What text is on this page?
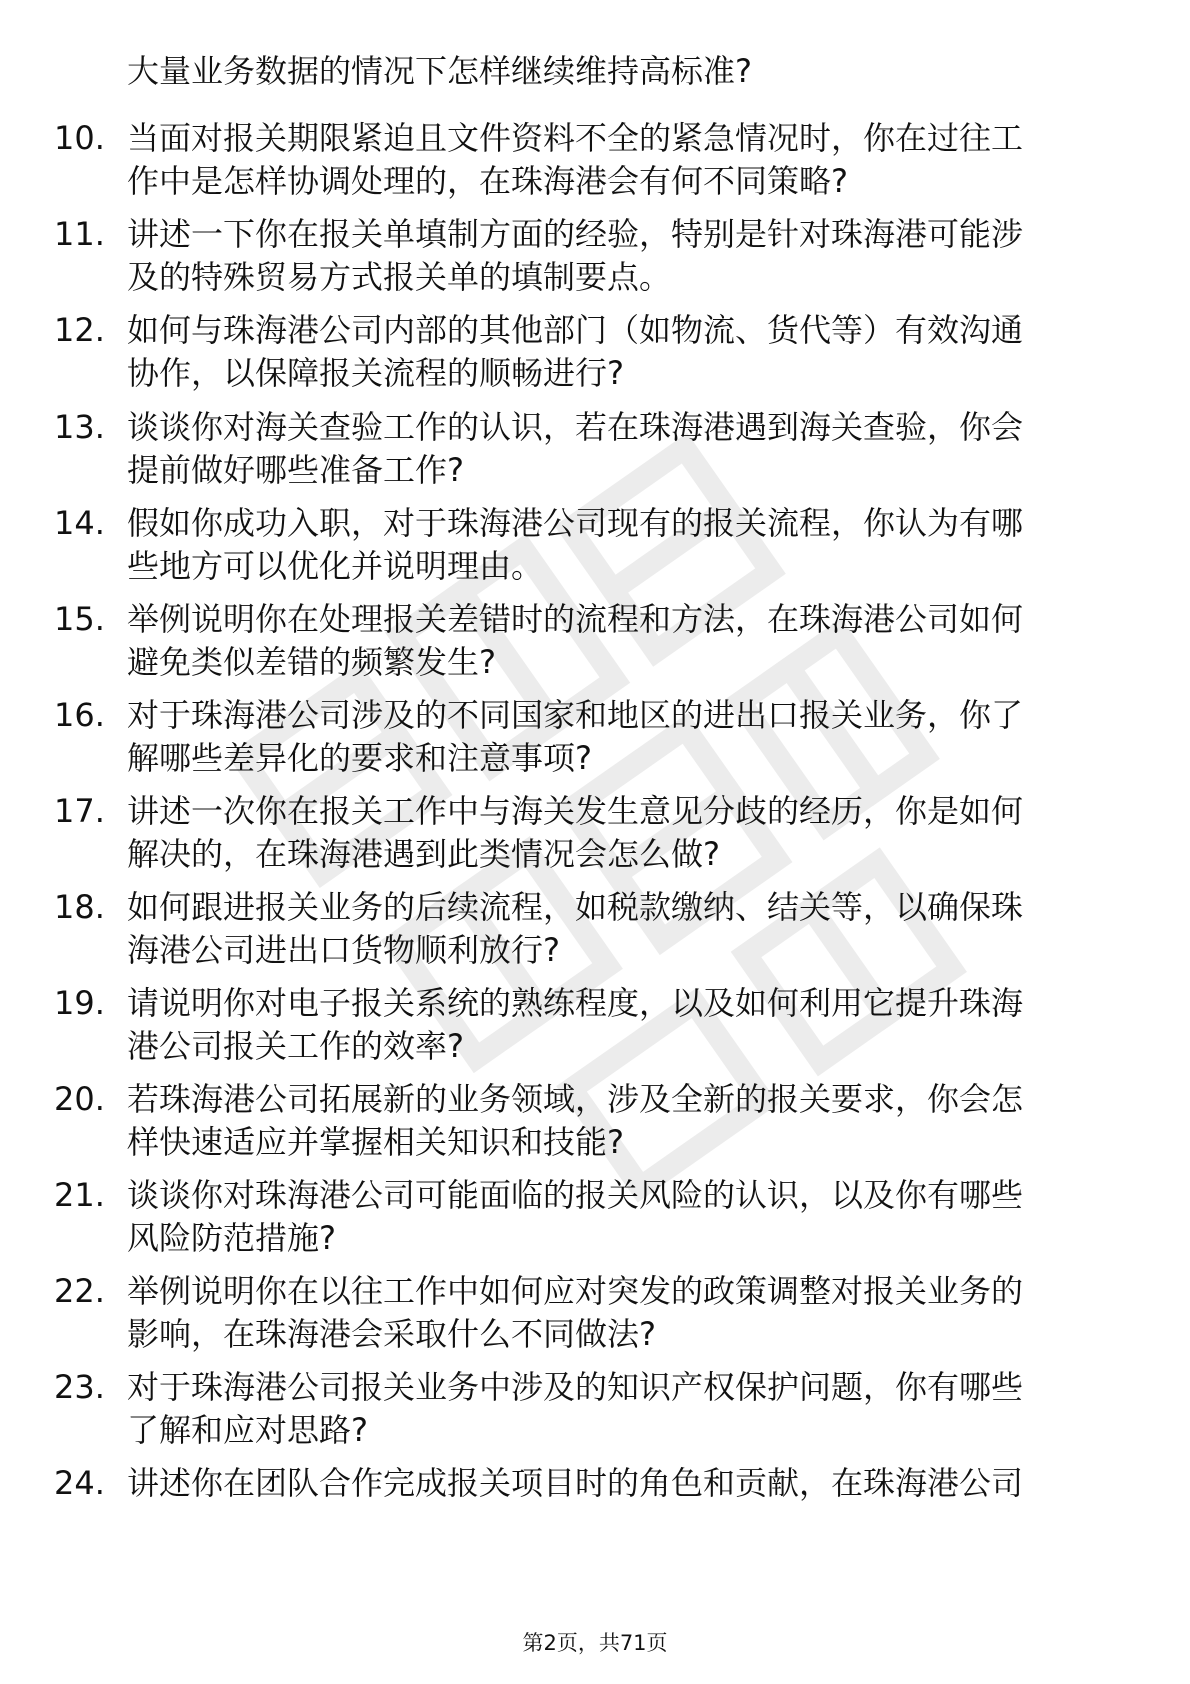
大量业务数据的情况下怎样继续维持高标准?
10. 当面对报关期限紧迫且文件资料不全的紧急情况时，你在过往工
作中是怎样协调处理的，在珠海港会有何不同策略?
11. 讲述一下你在报关单填制方面的经验，特别是针对珠海港可能涉
及的特殊贸易方式报关单的填制要点。
12. 如何与珠海港公司内部的其他部门（如物流、货代等）有效沟通
协作，以保障报关流程的顺畅进行?
13. 谈谈你对海关查验工作的认识，若在珠海港遇到海关查验，你会
提前做好哪些准备工作?
14. 假如你成功入职，对于珠海港公司现有的报关流程，你认为有哪
些地方可以优化并说明理由。
15. 举例说明你在处理报关差错时的流程和方法，在珠海港公司如何
避免类似差错的频繁发生?
16. 对于珠海港公司涉及的不同国家和地区的进出口报关业务，你了
解哪些差异化的要求和注意事项?
17. 讲述一次你在报关工作中与海关发生意见分歧的经历，你是如何
解决的，在珠海港遇到此类情况会怎么做?
18. 如何跟进报关业务的后续流程，如税款缴纳、结关等，以确保珠
海港公司进出口货物顺利放行?
19. 请说明你对电子报关系统的熟练程度，以及如何利用它提升珠海
港公司报关工作的效率?
20. 若珠海港公司拓展新的业务领域，涉及全新的报关要求，你会怎
样快速适应并掌握相关知识和技能?
21. 谈谈你对珠海港公司可能面临的报关风险的认识，以及你有哪些
风险防范措施?
22. 举例说明你在以往工作中如何应对突发的政策调整对报关业务的
影响，在珠海港会采取什么不同做法?
23. 对于珠海港公司报关业务中涉及的知识产权保护问题，你有哪些
了解和应对思路?
24. 讲述你在团队合作完成报关项目时的角色和贡献，在珠海港公司
第2页，共71页
